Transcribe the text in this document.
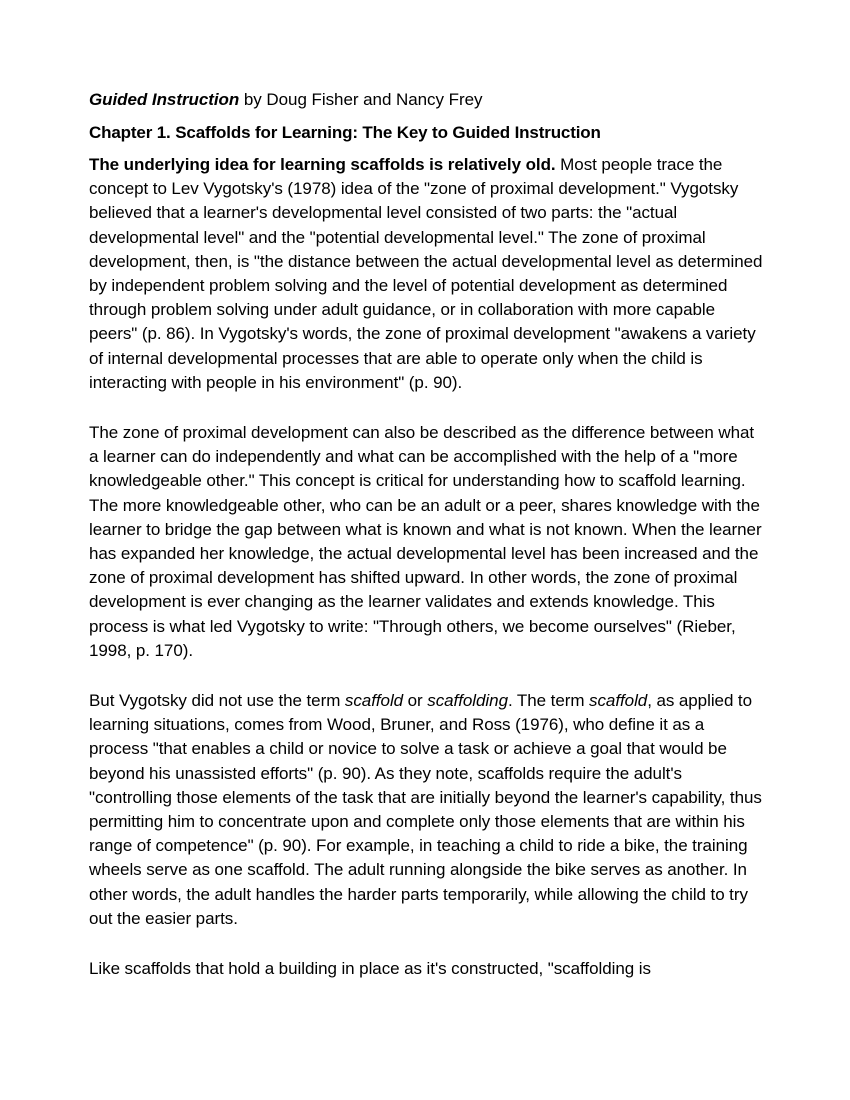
Guided Instruction by Doug Fisher and Nancy Frey
Chapter 1. Scaffolds for Learning: The Key to Guided Instruction

The underlying idea for learning scaffolds is relatively old. Most people trace the concept to Lev Vygotsky's (1978) idea of the "zone of proximal development." Vygotsky believed that a learner's developmental level consisted of two parts: the "actual developmental level" and the "potential developmental level." The zone of proximal development, then, is "the distance between the actual developmental level as determined by independent problem solving and the level of potential development as determined through problem solving under adult guidance, or in collaboration with more capable peers" (p. 86). In Vygotsky's words, the zone of proximal development "awakens a variety of internal developmental processes that are able to operate only when the child is interacting with people in his environment" (p. 90).

The zone of proximal development can also be described as the difference between what a learner can do independently and what can be accomplished with the help of a "more knowledgeable other." This concept is critical for understanding how to scaffold learning. The more knowledgeable other, who can be an adult or a peer, shares knowledge with the learner to bridge the gap between what is known and what is not known. When the learner has expanded her knowledge, the actual developmental level has been increased and the zone of proximal development has shifted upward. In other words, the zone of proximal development is ever changing as the learner validates and extends knowledge. This process is what led Vygotsky to write: "Through others, we become ourselves" (Rieber, 1998, p. 170).

But Vygotsky did not use the term scaffold or scaffolding. The term scaffold, as applied to learning situations, comes from Wood, Bruner, and Ross (1976), who define it as a process "that enables a child or novice to solve a task or achieve a goal that would be beyond his unassisted efforts" (p. 90). As they note, scaffolds require the adult's "controlling those elements of the task that are initially beyond the learner's capability, thus permitting him to concentrate upon and complete only those elements that are within his range of competence" (p. 90). For example, in teaching a child to ride a bike, the training wheels serve as one scaffold. The adult running alongside the bike serves as another. In other words, the adult handles the harder parts temporarily, while allowing the child to try out the easier parts.

Like scaffolds that hold a building in place as it's constructed, "scaffolding is
